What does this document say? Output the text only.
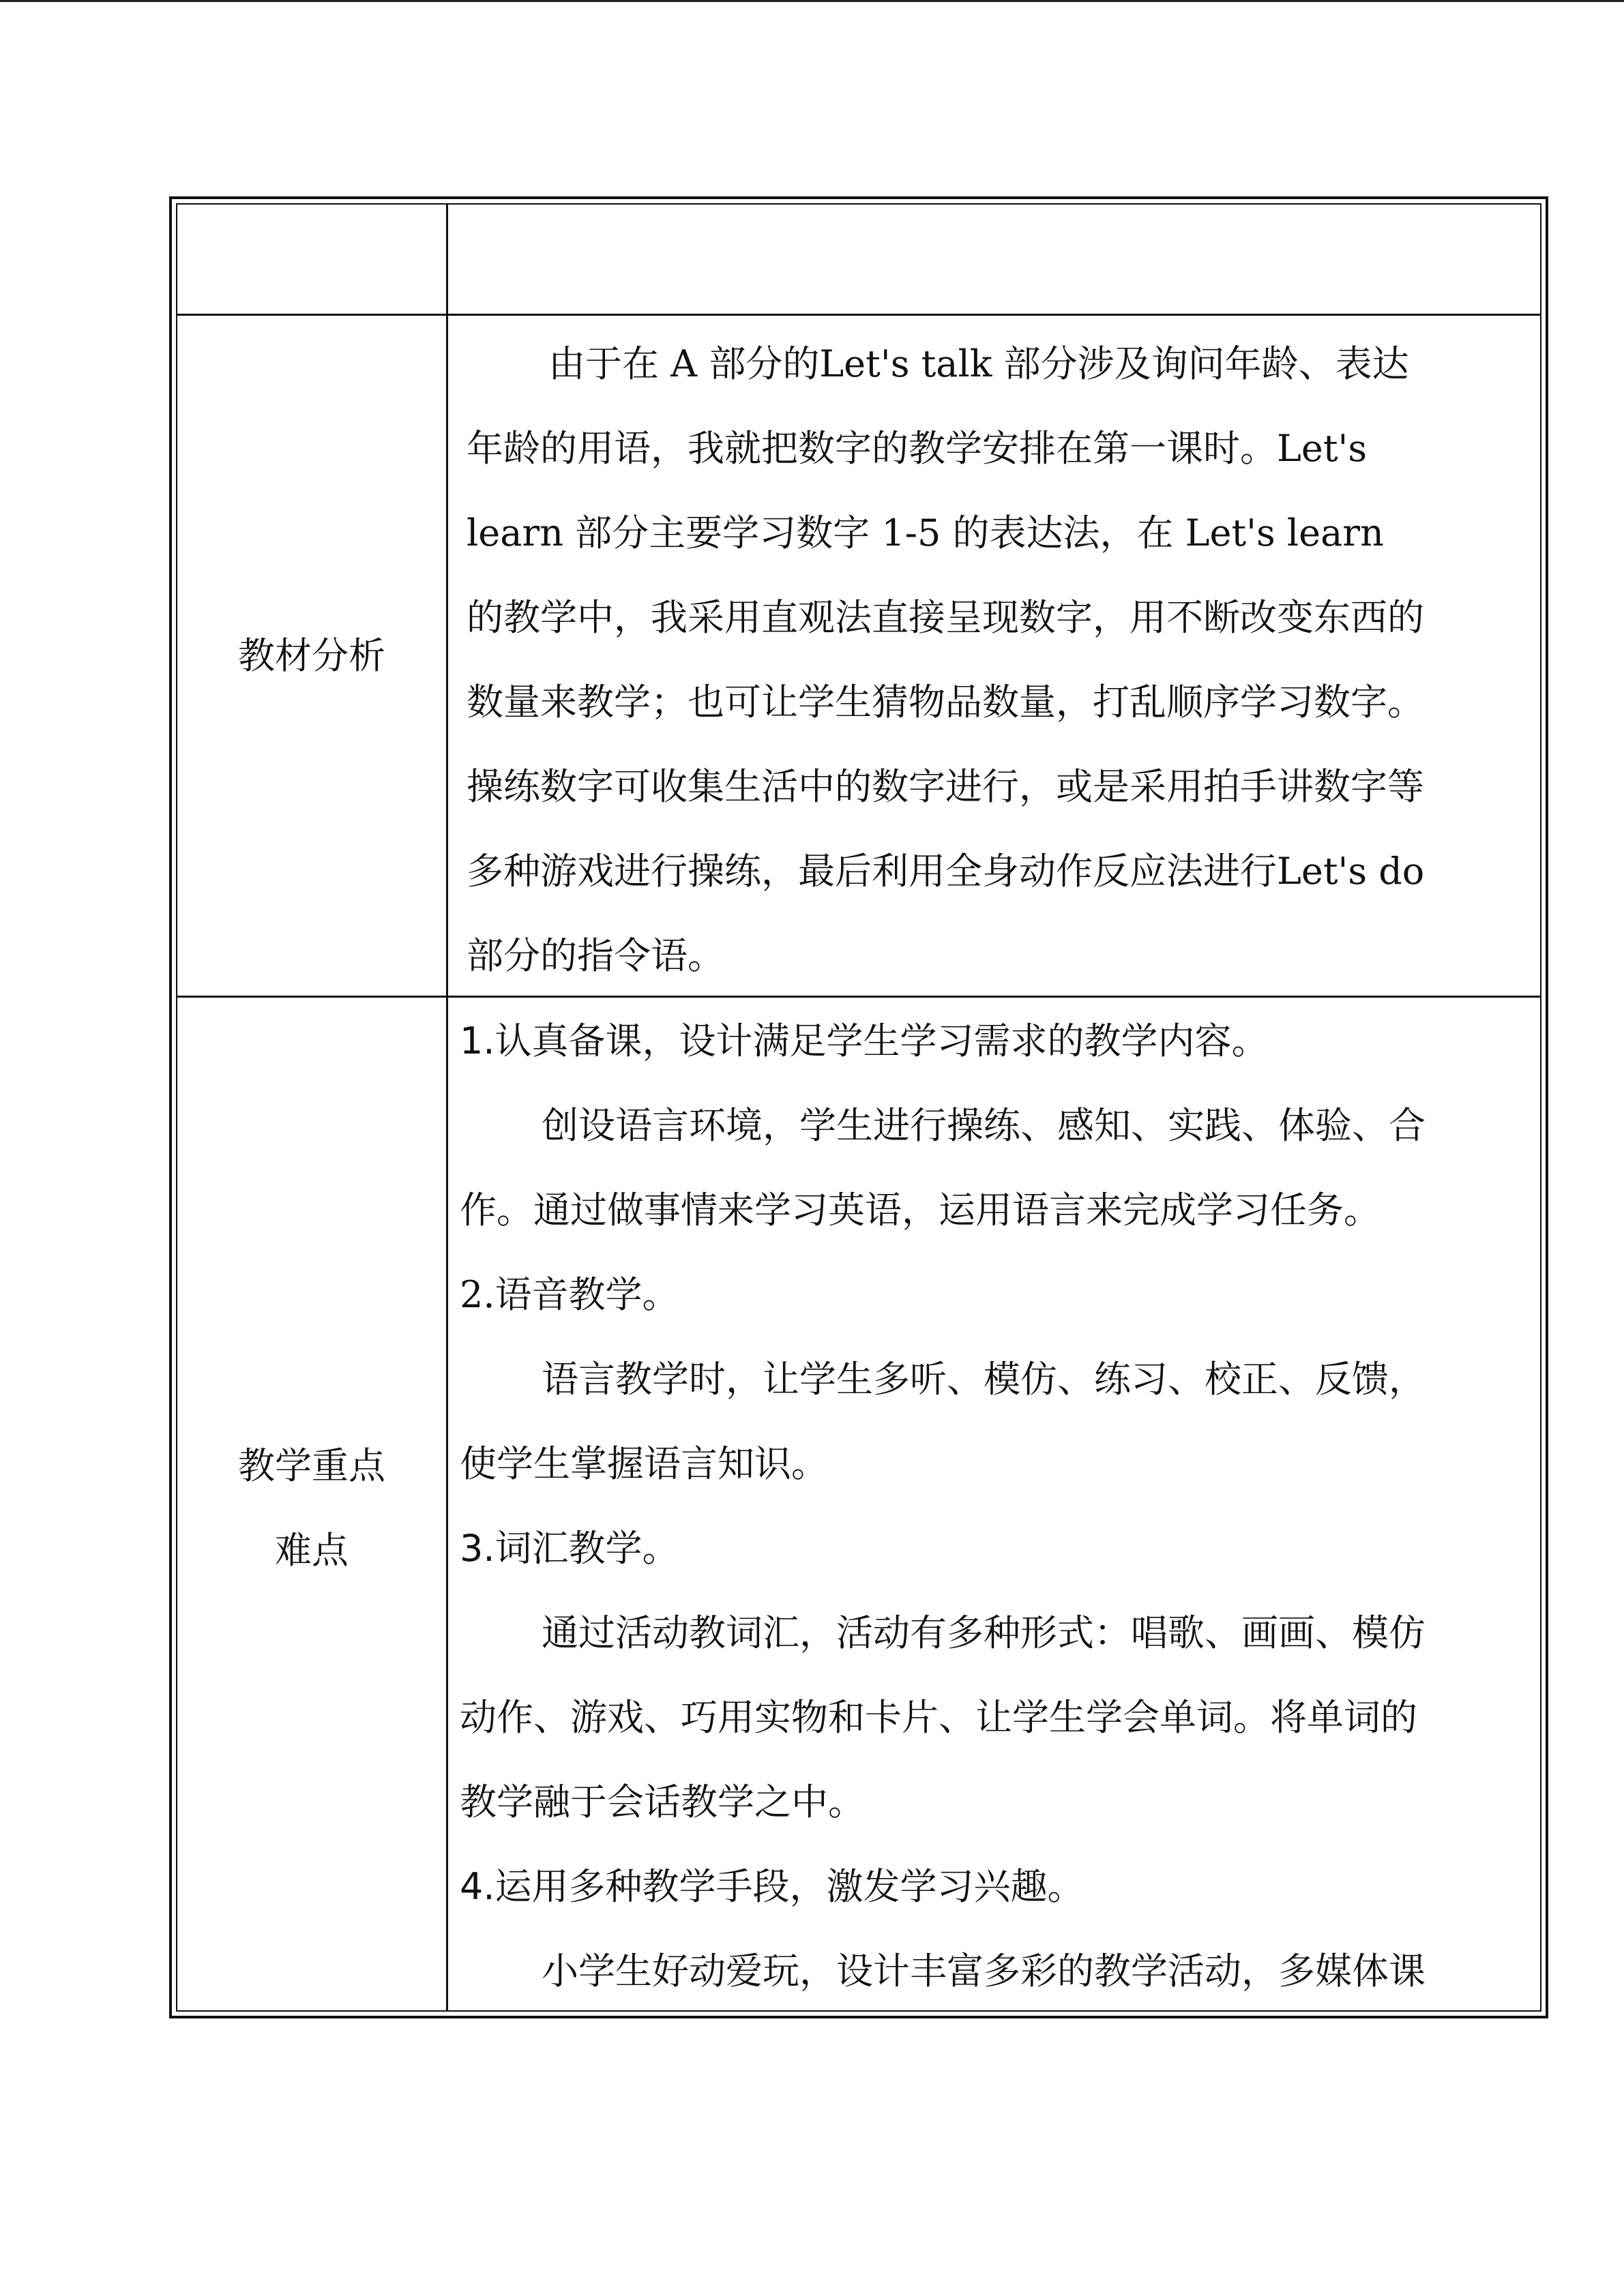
教材分析
由于在 A 部分的Let's talk 部分涉及询问年龄、表达
年龄的用语，我就把数字的教学安排在第一课时。Let's
learn 部分主要学习数字 1-5 的表达法，在 Let's learn
的教学中，我采用直观法直接呈现数字，用不断改变东西的
数量来教学；也可让学生猜物品数量，打乱顺序学习数字。
操练数字可收集生活中的数字进行，或是采用拍手讲数字等
多种游戏进行操练，最后利用全身动作反应法进行Let's do
部分的指令语。
教学重点
难点
1.认真备课，设计满足学生学习需求的教学内容。
创设语言环境，学生进行操练、感知、实践、体验、合
作。通过做事情来学习英语，运用语言来完成学习任务。
2.语音教学。
语言教学时，让学生多听、模仿、练习、校正、反馈，
使学生掌握语言知识。
3.词汇教学。
通过活动教词汇，活动有多种形式：唱歌、画画、模仿
动作、游戏、巧用实物和卡片、让学生学会单词。将单词的
教学融于会话教学之中。
4.运用多种教学手段，激发学习兴趣。
小学生好动爱玩，设计丰富多彩的教学活动，多媒体课
